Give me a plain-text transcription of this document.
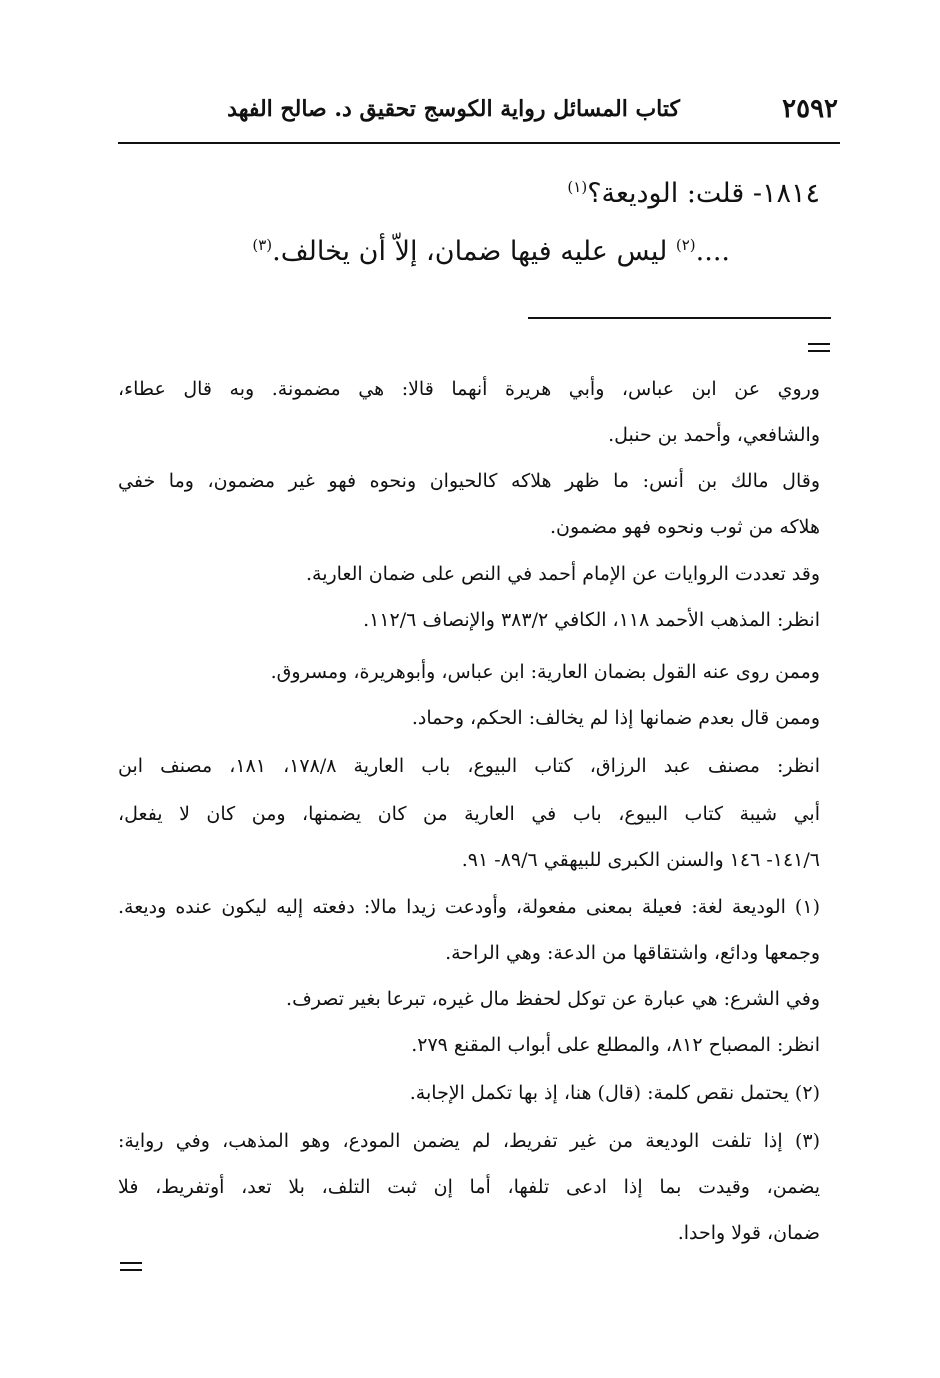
٢٥٩٢
كتاب المسائل رواية الكوسج تحقيق د. صالح الفهد
١٨١٤- قلت: الوديعة؟$^{(١)}$
....$^{(٢)}$ ليس عليه فيها ضمان، إلاّ أن يخالف.$^{(٣)}$
وروي عن ابن عباس، وأبي هريرة أنهما قالا: هي مضمونة. وبه قال عطاء،
والشافعي، وأحمد بن حنبل.
وقال مالك بن أنس: ما ظهر هلاكه كالحيوان ونحوه فهو غير مضمون، وما خفي
هلاكه من ثوب ونحوه فهو مضمون.
وقد تعددت الروايات عن الإمام أحمد في النص على ضمان العارية.
انظر: المذهب الأحمد ١١٨، الكافي ٣٨٣/٢ والإنصاف ١١٢/٦.
وممن روى عنه القول بضمان العارية: ابن عباس، وأبوهريرة، ومسروق.
وممن قال بعدم ضمانها إذا لم يخالف: الحكم، وحماد.
انظر: مصنف عبد الرزاق، كتاب البيوع، باب العارية ١٧٨/٨، ١٨١، مصنف ابن
أبي شيبة كتاب البيوع، باب في العارية من كان يضمنها، ومن كان لا يفعل،
١٤١/٦- ١٤٦ والسنن الكبرى للبيهقي ٨٩/٦- ٩١.
(١) الوديعة لغة: فعيلة بمعنى مفعولة، وأودعت زيدا مالا: دفعته إليه ليكون عنده وديعة.
وجمعها ودائع، واشتقاقها من الدعة: وهي الراحة.
وفي الشرع: هي عبارة عن توكل لحفظ مال غيره، تبرعا بغير تصرف.
انظر: المصباح ٨١٢، والمطلع على أبواب المقنع ٢٧٩.
(٢) يحتمل نقص كلمة: (قال) هنا، إذ بها تكمل الإجابة.
(٣) إذا تلفت الوديعة من غير تفريط، لم يضمن المودع، وهو المذهب، وفي رواية:
يضمن، وقيدت بما إذا ادعى تلفها، أما إن ثبت التلف، بلا تعد، أوتفريط، فلا
ضمان، قولا واحدا.
